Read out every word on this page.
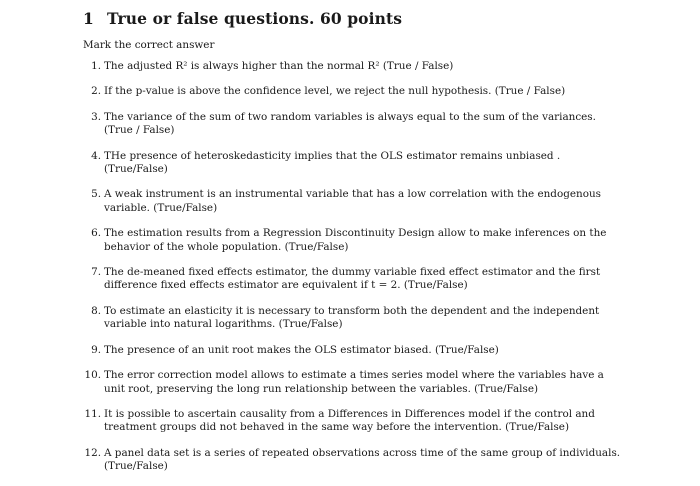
1 True or false questions. 60 points
Mark the correct answer
1. The adjusted R² is always higher than the normal R² (True / False)
2. If the p-value is above the confidence level, we reject the null hypothesis. (True / False)
3. The variance of the sum of two random variables is always equal to the sum of the variances. (True / False)
4. THe presence of heteroskedasticity implies that the OLS estimator remains unbiased . (True/False)
5. A weak instrument is an instrumental variable that has a low correlation with the endogenous variable. (True/False)
6. The estimation results from a Regression Discontinuity Design allow to make inferences on the behavior of the whole population. (True/False)
7. The de-meaned fixed effects estimator, the dummy variable fixed effect estimator and the first difference fixed effects estimator are equivalent if t = 2. (True/False)
8. To estimate an elasticity it is necessary to transform both the dependent and the independent variable into natural logarithms. (True/False)
9. The presence of an unit root makes the OLS estimator biased. (True/False)
10. The error correction model allows to estimate a times series model where the variables have a unit root, preserving the long run relationship between the variables. (True/False)
11. It is possible to ascertain causality from a Differences in Differences model if the control and treatment groups did not behaved in the same way before the intervention. (True/False)
12. A panel data set is a series of repeated observations across time of the same group of individuals. (True/False)
